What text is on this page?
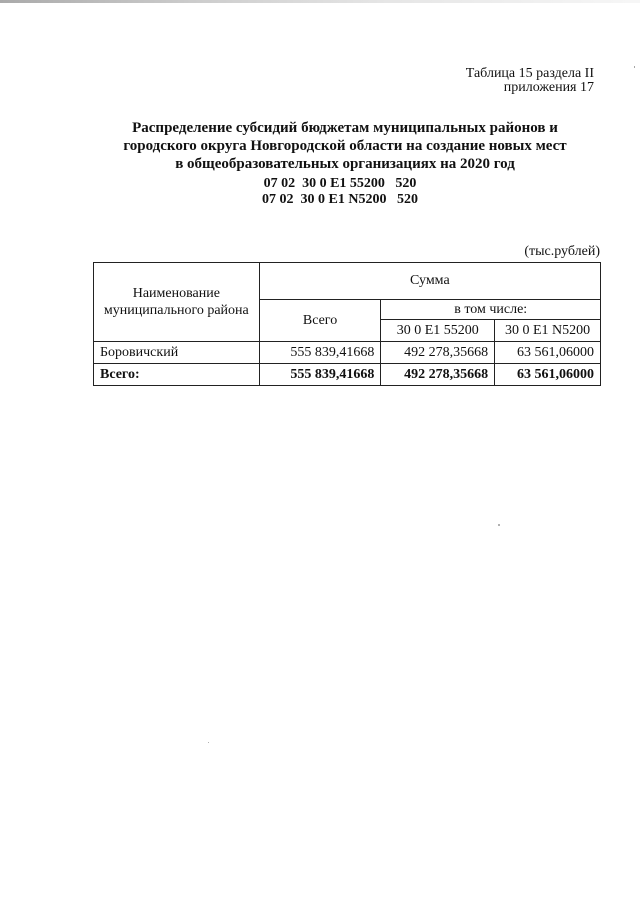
Таблица 15 раздела II
приложения 17
Распределение субсидий бюджетам муниципальных районов и
городского округа Новгородской области на создание новых мест
в общеобразовательных организациях на 2020 год
07 02  30 0 E1 55200   520
07 02  30 0 E1 N5200   520
(тыс.рублей)
Наименование
муниципального района	Сумма		
	Всего	в том числе:	
		30 0 E1 55200	30 0 E1 N5200
Боровичский	555 839,41668	492 278,35668	63 561,06000
Всего:	555 839,41668	492 278,35668	63 561,06000
